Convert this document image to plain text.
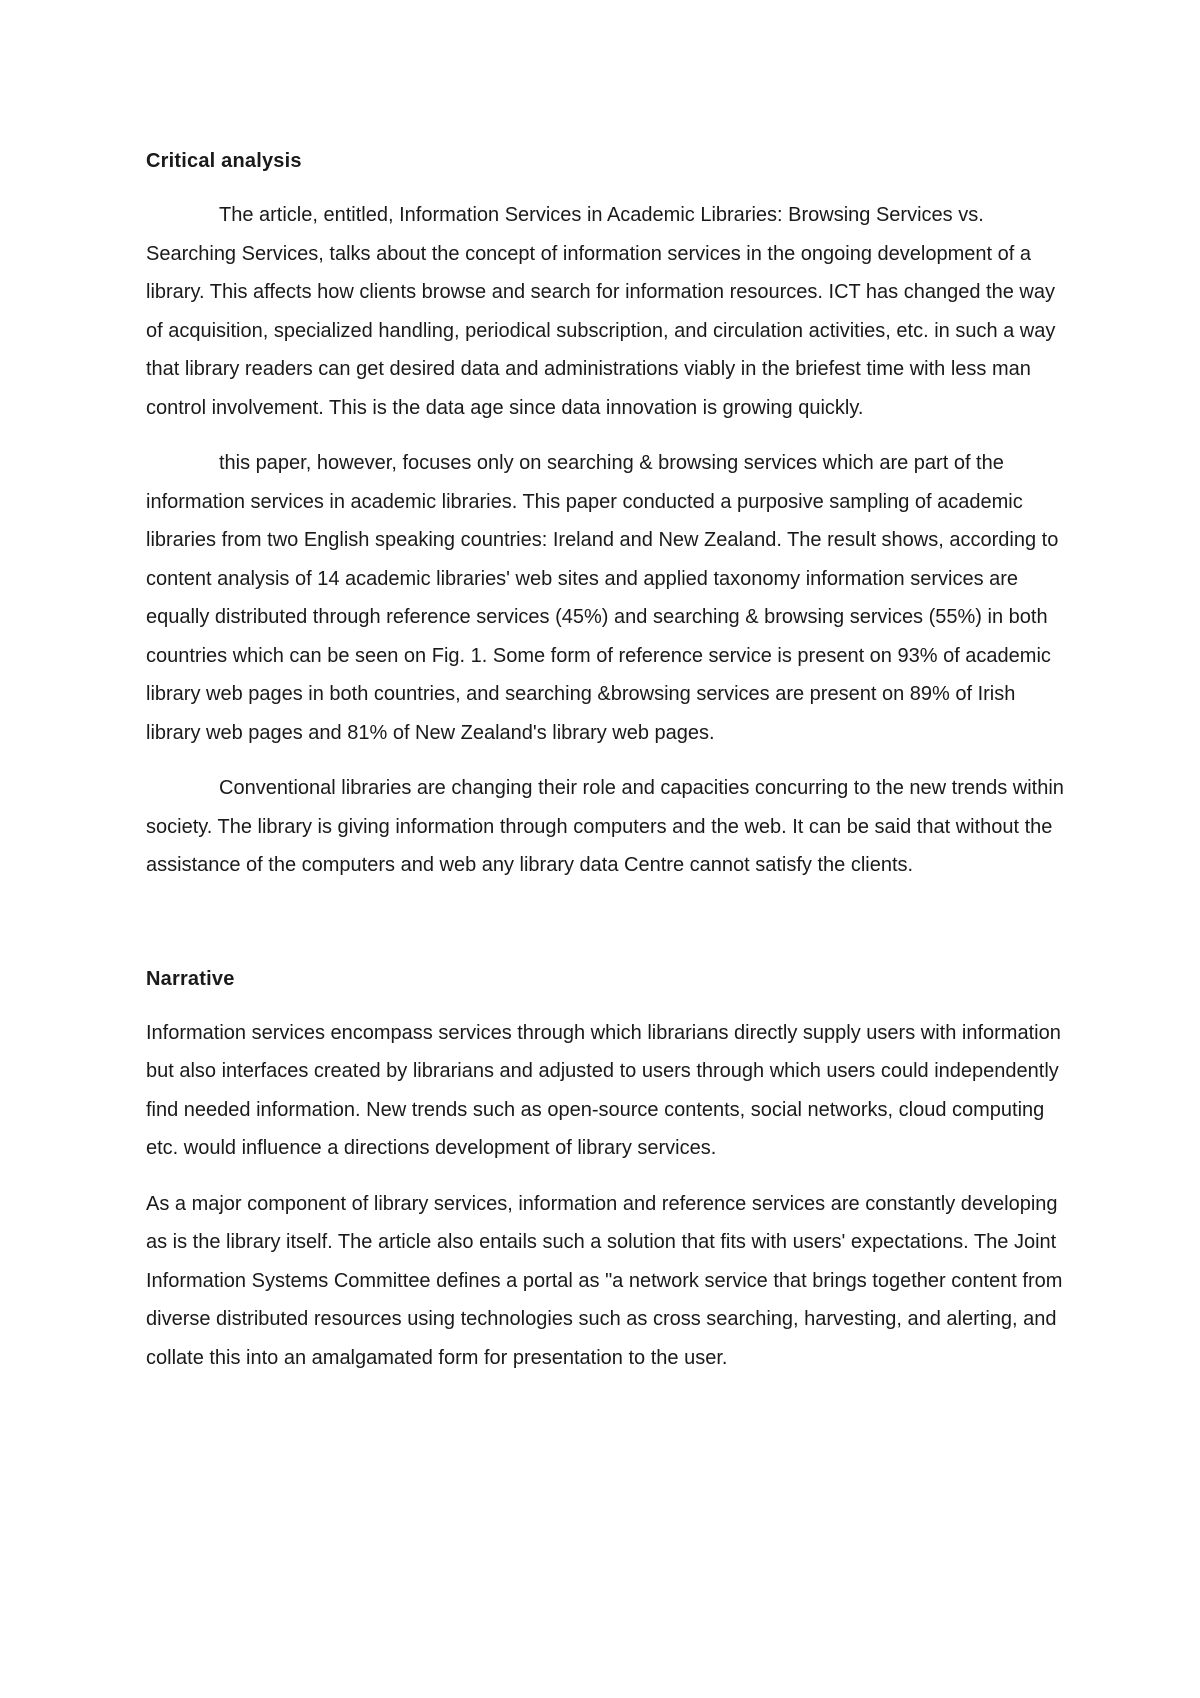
Critical analysis

The article, entitled, Information Services in Academic Libraries: Browsing Services vs. Searching Services, talks about the concept of information services in the ongoing development of a library. This affects how clients browse and search for information resources. ICT has changed the way of acquisition, specialized handling, periodical subscription, and circulation activities, etc. in such a way that library readers can get desired data and administrations viably in the briefest time with less man control involvement. This is the data age since data innovation is growing quickly.

this paper, however, focuses only on searching & browsing services which are part of the information services in academic libraries. This paper conducted a purposive sampling of academic libraries from two English speaking countries: Ireland and New Zealand. The result shows, according to content analysis of 14 academic libraries' web sites and applied taxonomy information services are equally distributed through reference services (45%) and searching & browsing services (55%) in both countries which can be seen on Fig. 1. Some form of reference service is present on 93% of academic library web pages in both countries, and searching &browsing services are present on 89% of Irish library web pages and 81% of New Zealand's library web pages.

Conventional libraries are changing their role and capacities concurring to the new trends within society. The library is giving information through computers and the web. It can be said that without the assistance of the computers and web any library data Centre cannot satisfy the clients.

Narrative

Information services encompass services through which librarians directly supply users with information but also interfaces created by librarians and adjusted to users through which users could independently find needed information. New trends such as open-source contents, social networks, cloud computing etc. would influence a directions development of library services.

As a major component of library services, information and reference services are constantly developing as is the library itself. The article also entails such a solution that fits with users' expectations. The Joint Information Systems Committee defines a portal as "a network service that brings together content from diverse distributed resources using technologies such as cross searching, harvesting, and alerting, and collate this into an amalgamated form for presentation to the user.
